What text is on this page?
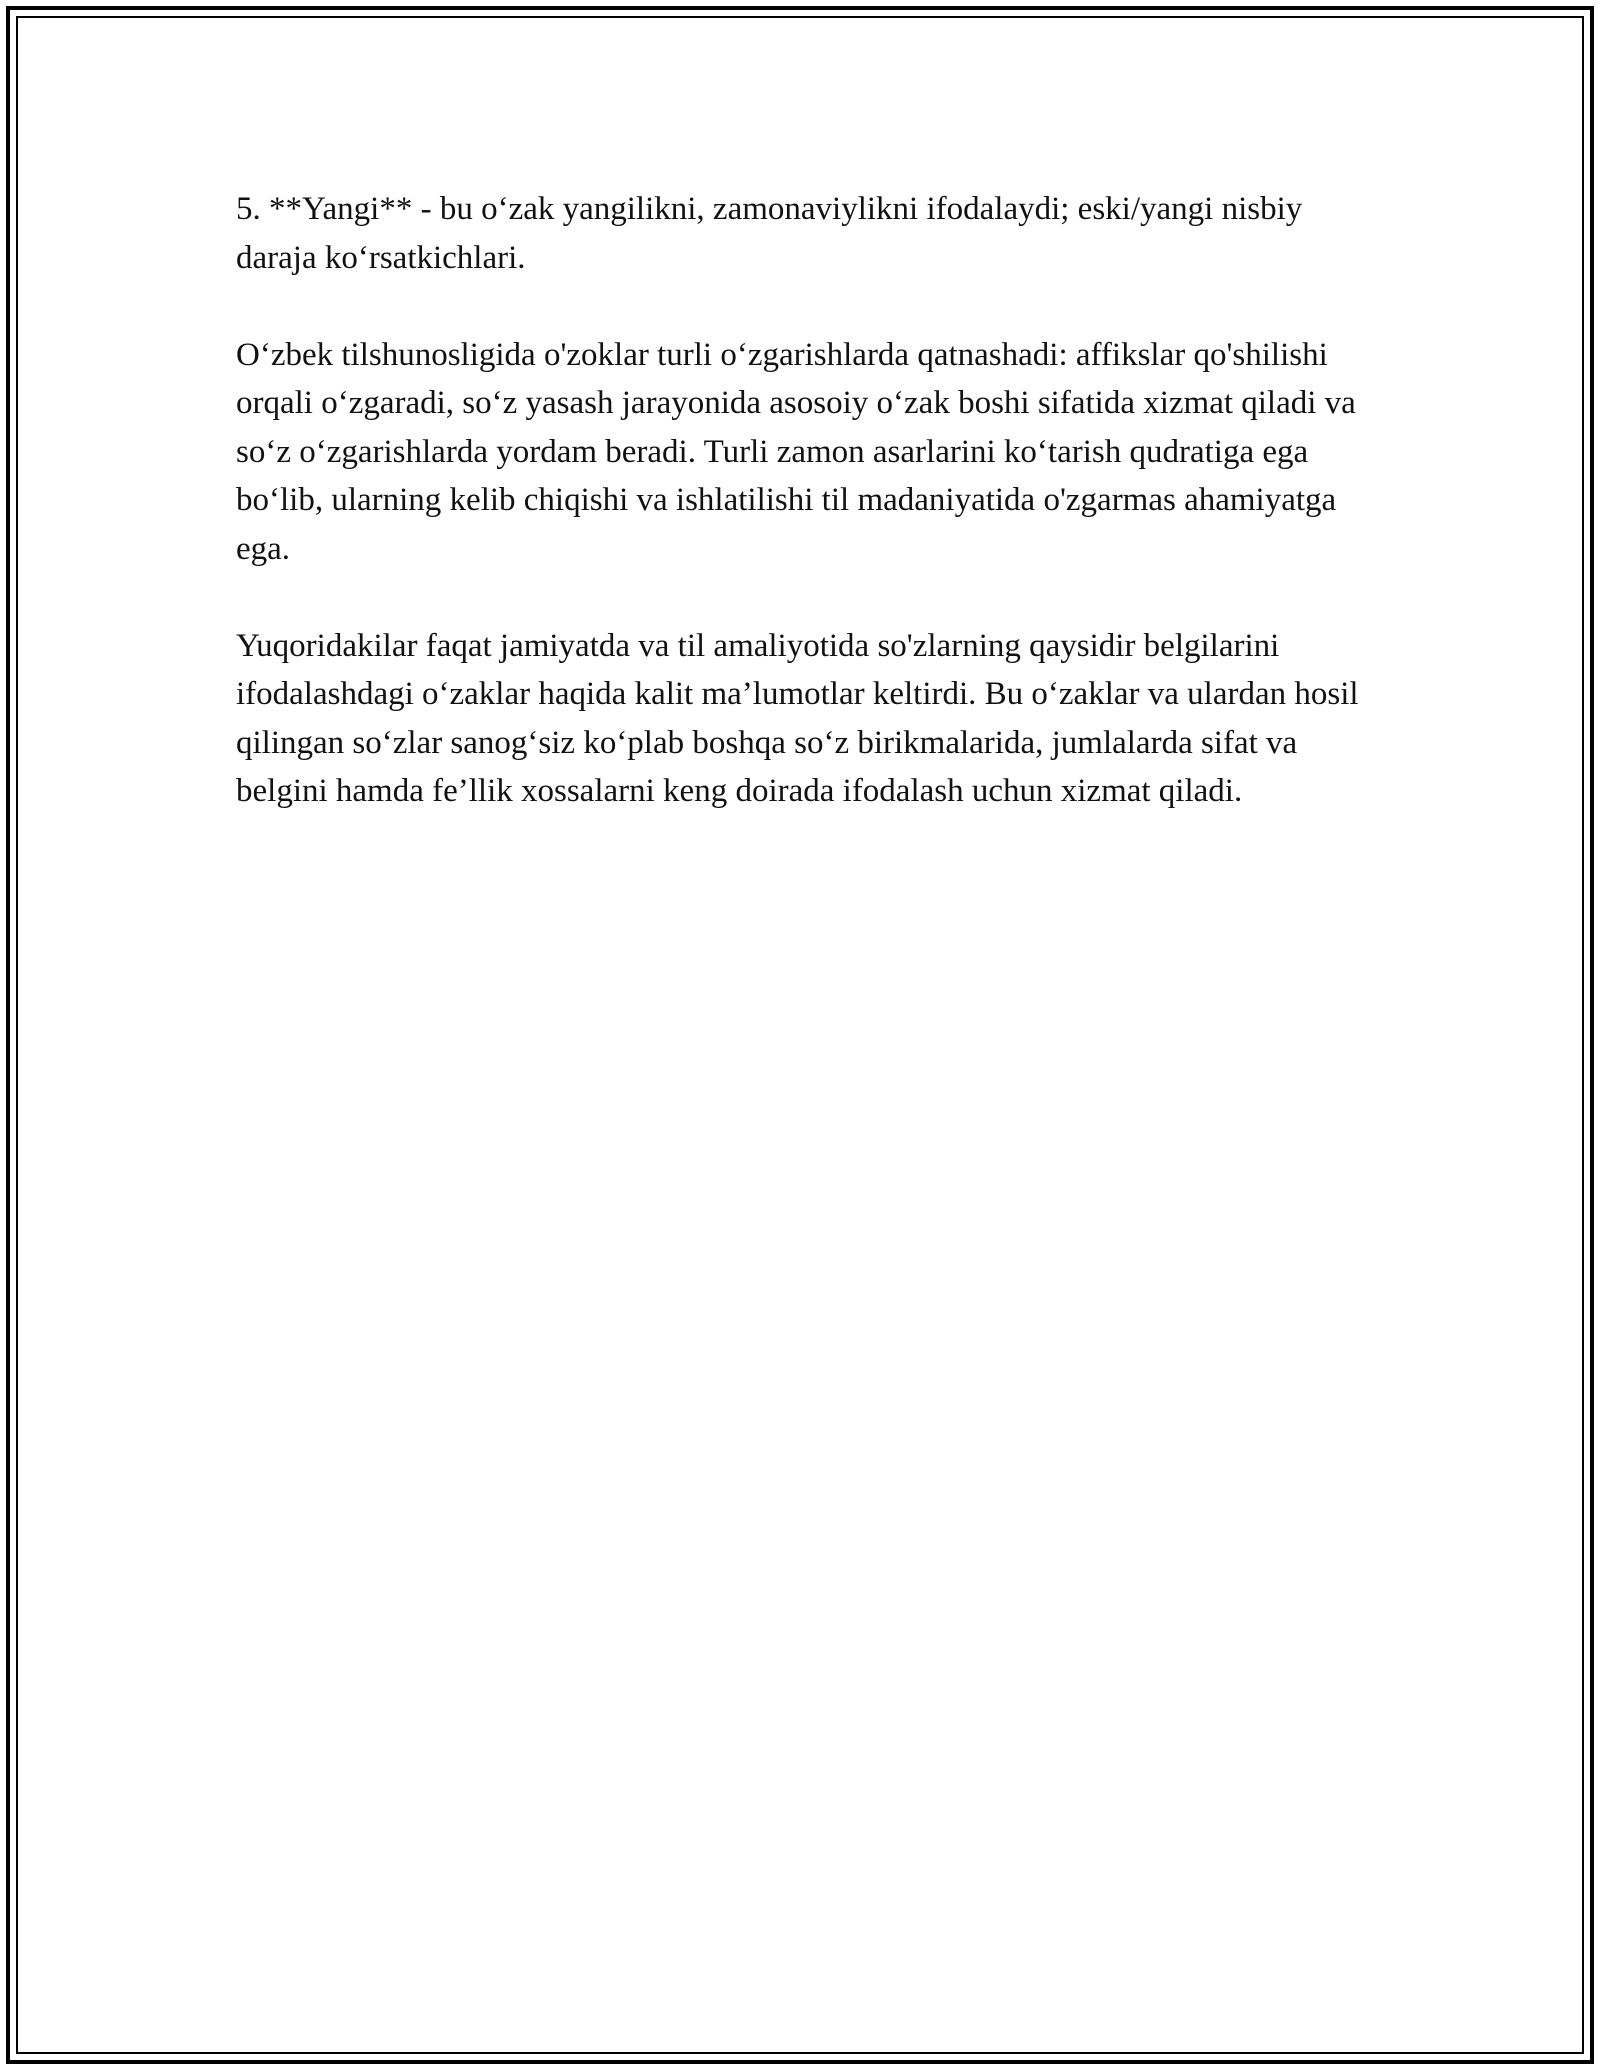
5. **Yangi** - bu o‘zak yangilikni, zamonaviylikni ifodalaydi; eski/yangi nisbiy daraja ko‘rsatkichlari.

O‘zbek tilshunosligida o'zoklar turli o‘zgarishlarda qatnashadi: affikslar qo'shilishi orqali o‘zgaradi, so‘z yasash jarayonida asosoiy o‘zak boshi sifatida xizmat qiladi va so‘z o‘zgarishlarda yordam beradi. Turli zamon asarlarini ko‘tarish qudratiga ega bo‘lib, ularning kelib chiqishi va ishlatilishi til madaniyatida o'zgarmas ahamiyatga ega.

Yuqoridakilar faqat jamiyatda va til amaliyotida so'zlarning qaysidir belgilarini ifodalashdagi o‘zaklar haqida kalit ma’lumotlar keltirdi. Bu o‘zaklar va ulardan hosil qilingan so‘zlar sanog‘siz ko‘plab boshqa so‘z birikmalarida, jumlalarda sifat va belgini hamda fe’llik xossalarni keng doirada ifodalash uchun xizmat qiladi.
